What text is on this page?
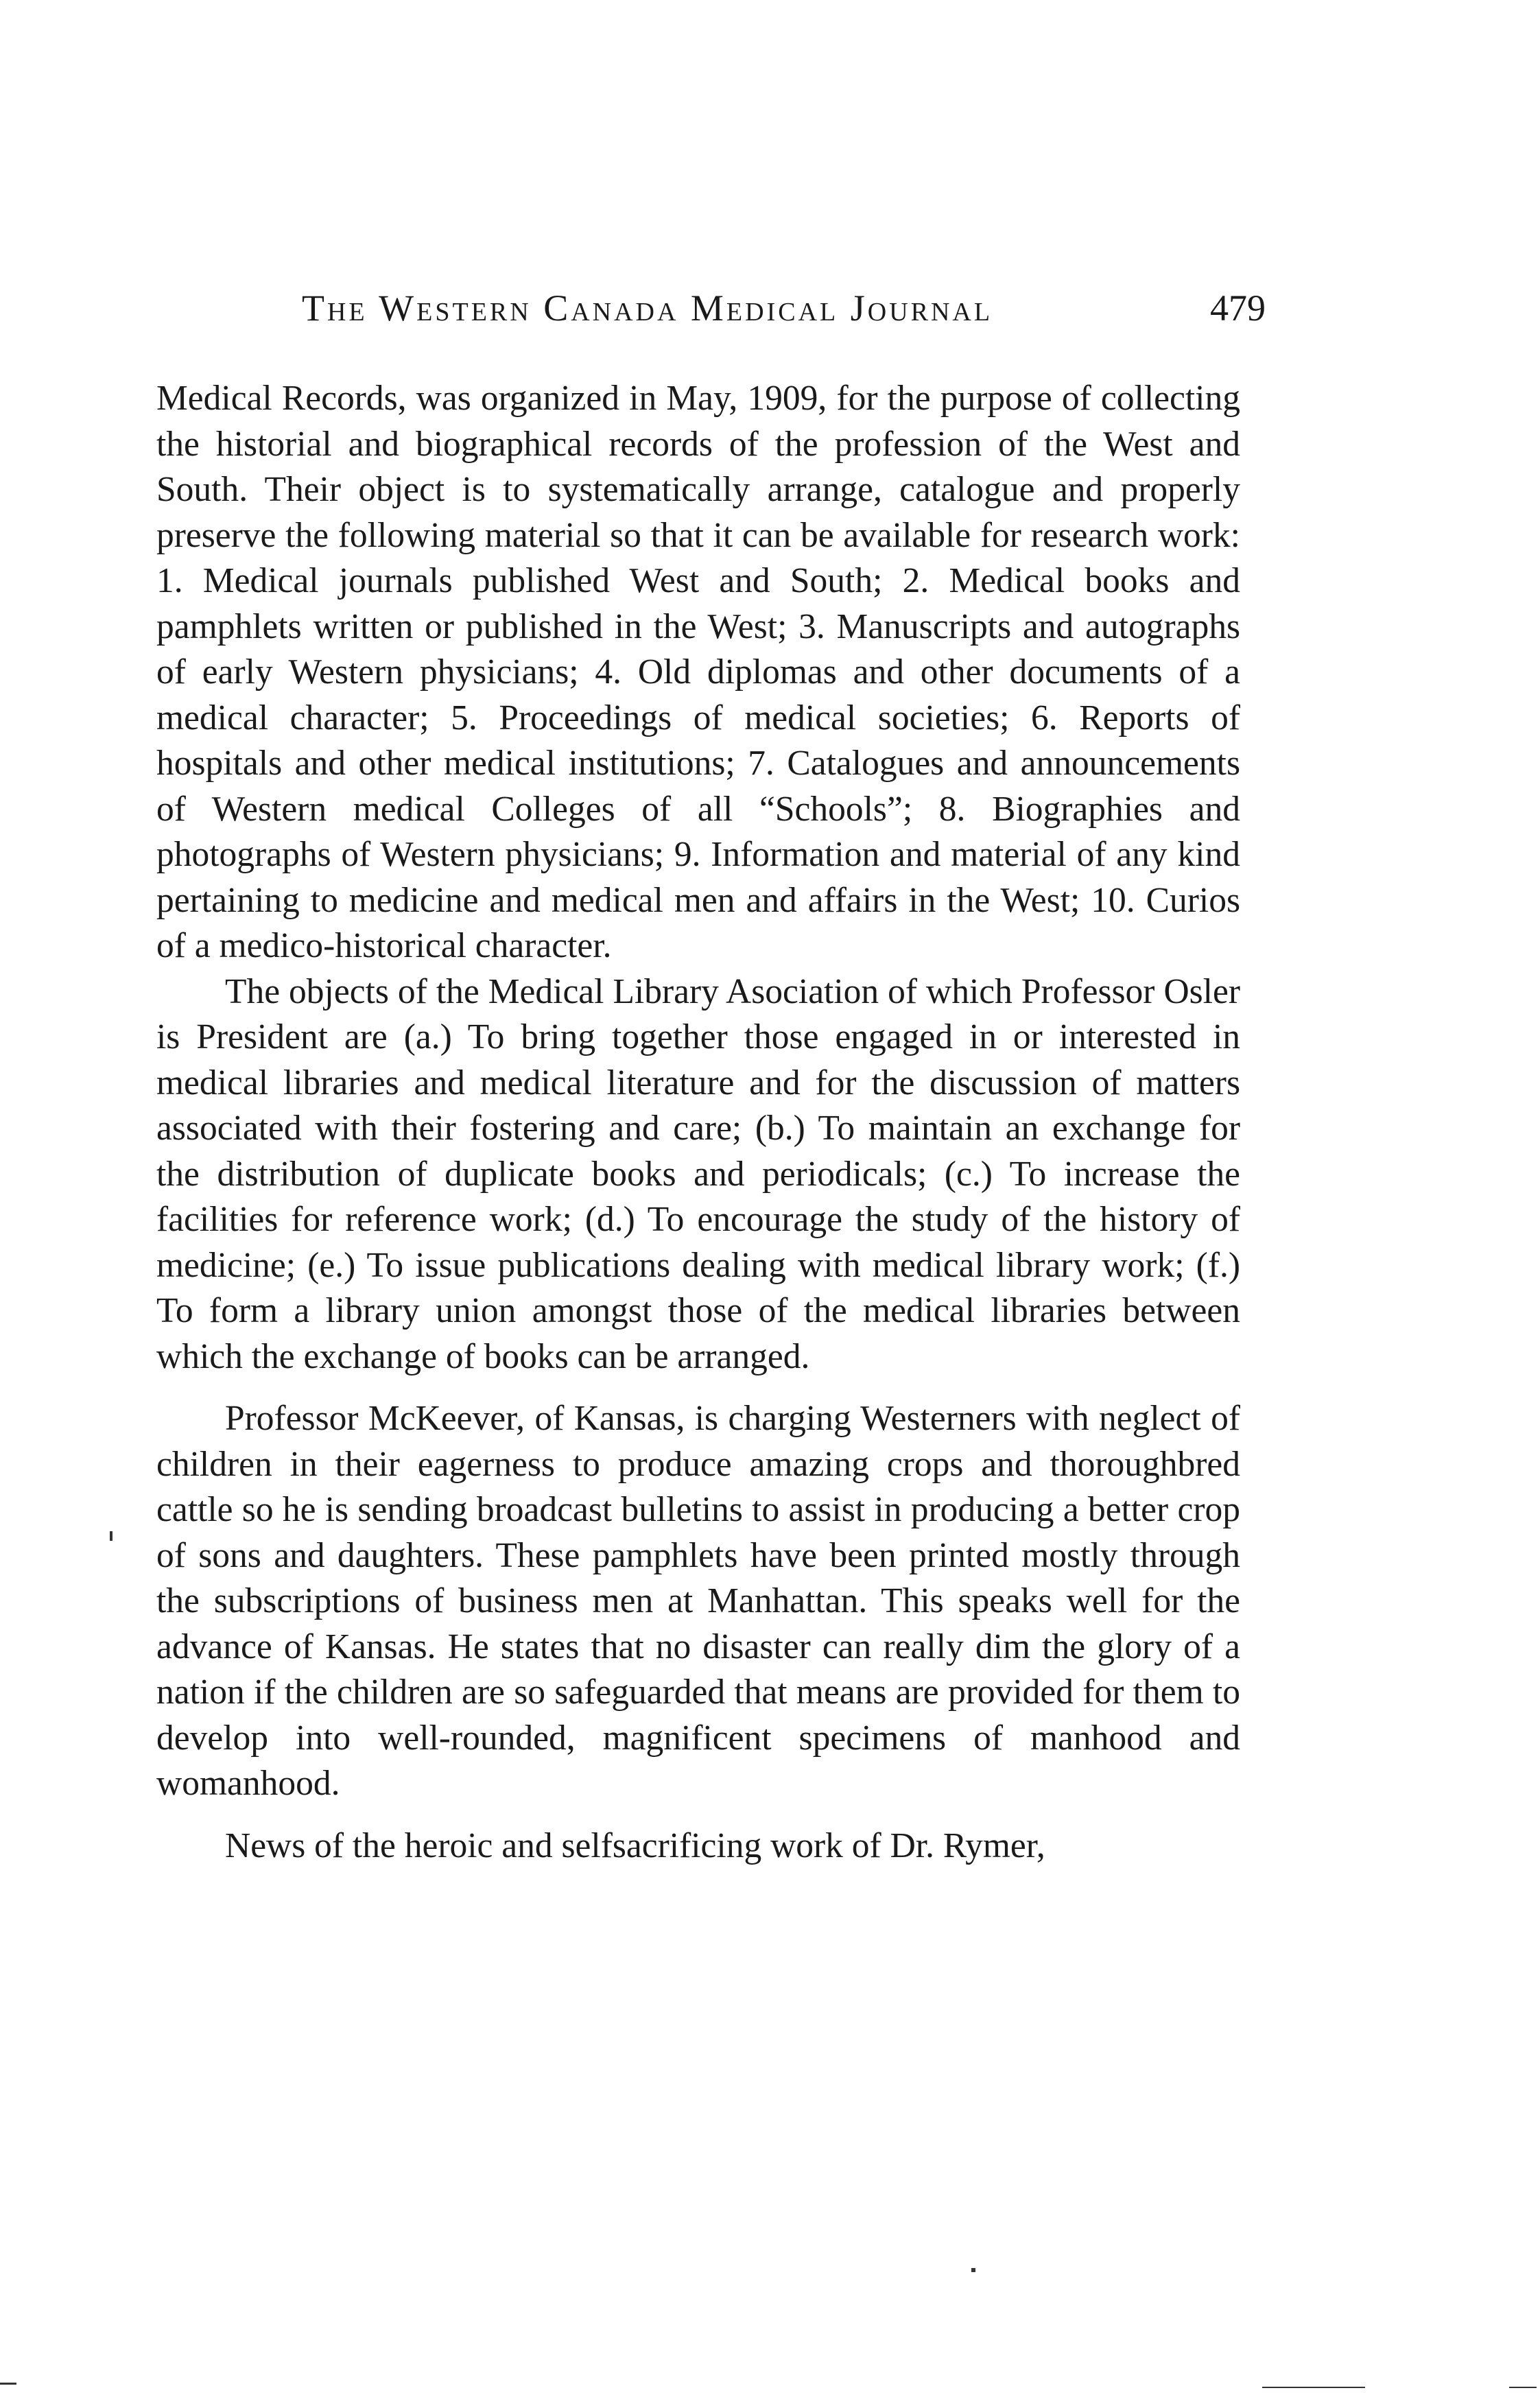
The Western Canada Medical Journal	479

Medical Records, was organized in May, 1909, for the purpose of collecting the historial and biographical records of the profession of the West and South. Their object is to systematically arrange, catalogue and properly preserve the following material so that it can be available for research work: 1. Medical journals published West and South; 2. Medical books and pamphlets written or published in the West; 3. Manuscripts and autographs of early Western physicians; 4. Old diplomas and other documents of a medical character; 5. Proceedings of medical societies; 6. Reports of hospitals and other medical institutions; 7. Catalogues and announcements of Western medical Colleges of all “Schools”; 8. Biographies and photographs of Western physicians; 9. Information and material of any kind pertaining to medicine and medical men and affairs in the West; 10. Curios of a medico-historical character.

The objects of the Medical Library Asociation of which Professor Osler is President are (a.) To bring together those engaged in or interested in medical libraries and medical literature and for the discussion of matters associated with their fostering and care; (b.) To maintain an exchange for the distribution of duplicate books and periodicals; (c.) To increase the facilities for reference work; (d.) To encourage the study of the history of medicine; (e.) To issue publications dealing with medical library work; (f.) To form a library union amongst those of the medical libraries between which the exchange of books can be arranged.

Professor McKeever, of Kansas, is charging Westerners with neglect of children in their eagerness to produce amazing crops and thoroughbred cattle so he is sending broadcast bulletins to assist in producing a better crop of sons and daughters. These pamphlets have been printed mostly through the subscriptions of business men at Manhattan. This speaks well for the advance of Kansas. He states that no disaster can really dim the glory of a nation if the children are so safeguarded that means are provided for them to develop into well-rounded, magnificent specimens of manhood and womanhood.

News of the heroic and selfsacrificing work of Dr. Rymer,
